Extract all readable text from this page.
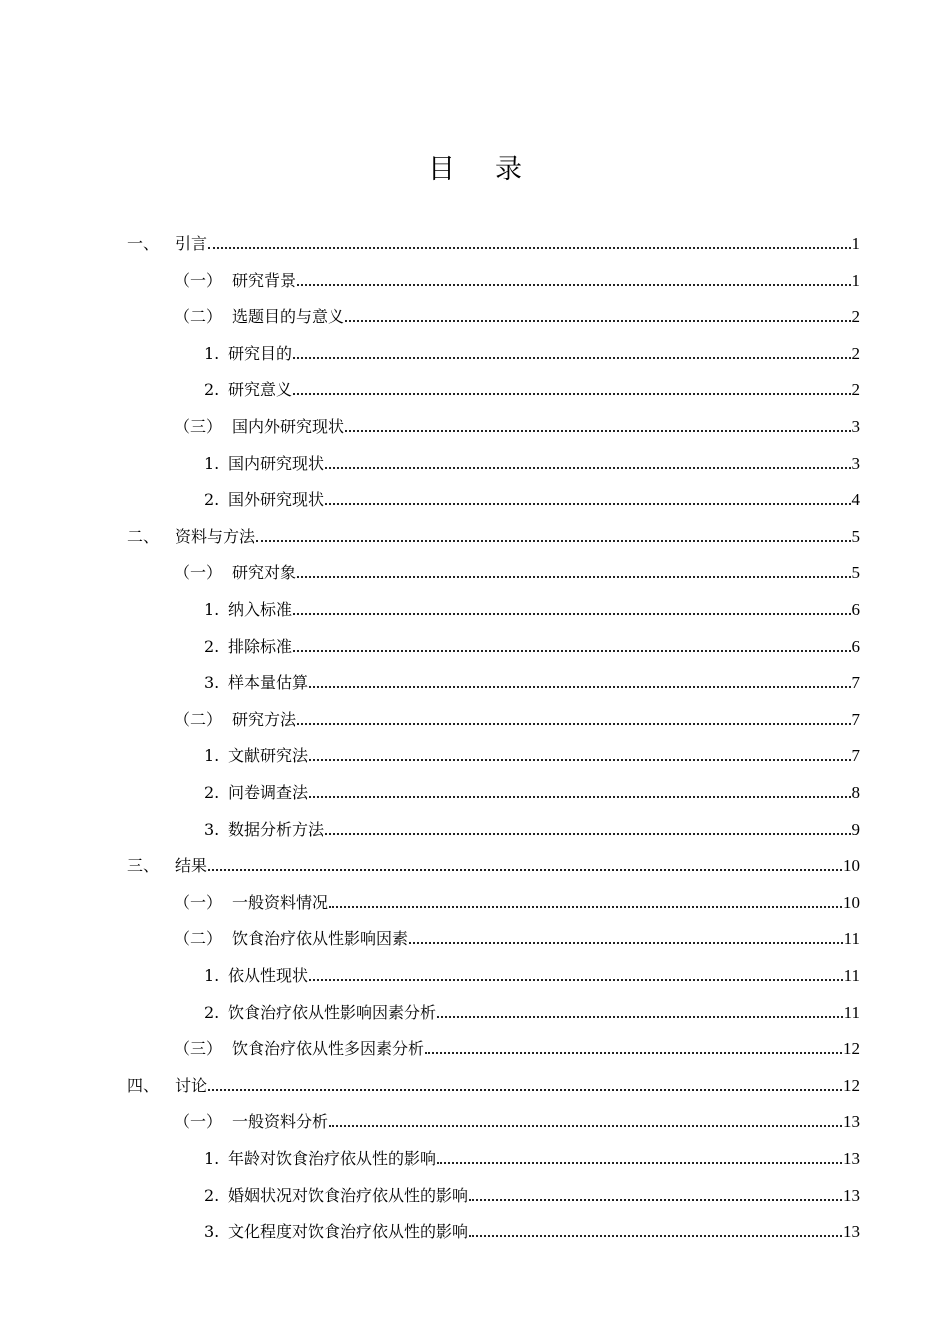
目 录
一、 引言	1
（一） 研究背景	1
（二） 选题目的与意义	2
1. 研究目的	2
2. 研究意义	2
（三） 国内外研究现状	3
1. 国内研究现状	3
2. 国外研究现状	4
二、 资料与方法	5
（一） 研究对象	5
1. 纳入标准	6
2. 排除标准	6
3. 样本量估算	7
（二） 研究方法	7
1. 文献研究法	7
2. 问卷调查法	8
3. 数据分析方法	9
三、 结果	10
（一） 一般资料情况	10
（二） 饮食治疗依从性影响因素	11
1. 依从性现状	11
2. 饮食治疗依从性影响因素分析	11
（三） 饮食治疗依从性多因素分析	12
四、 讨论	12
（一） 一般资料分析	13
1. 年龄对饮食治疗依从性的影响	13
2. 婚姻状况对饮食治疗依从性的影响	13
3. 文化程度对饮食治疗依从性的影响	13
